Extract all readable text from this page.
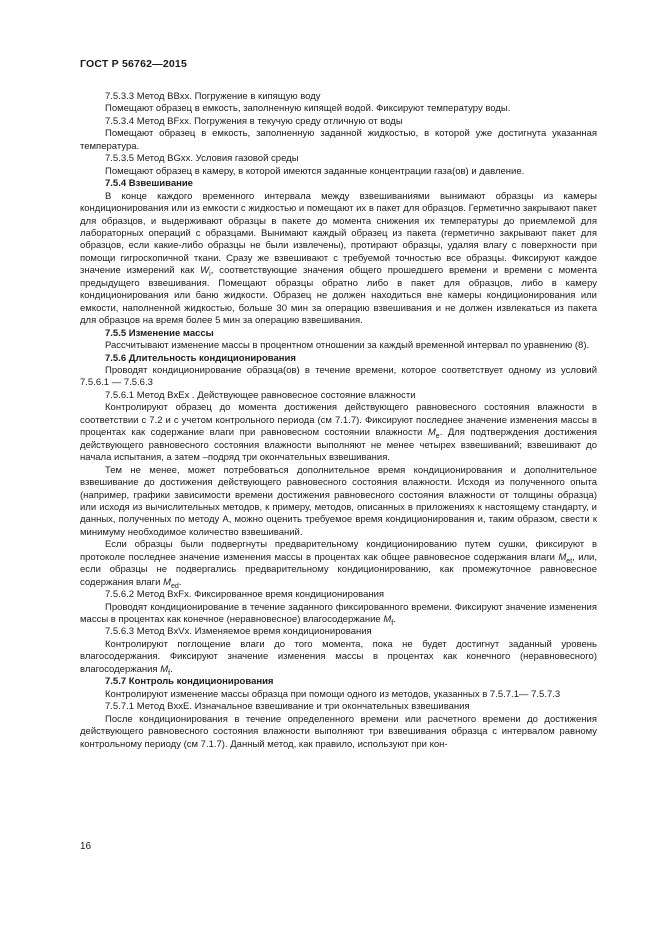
ГОСТ Р 56762—2015

7.5.3.3 Метод BBxx. Погружение в кипящую воду

Помещают образец в емкость, заполненную кипящей водой. Фиксируют температуру воды.

7.5.3.4 Метод BFxx. Погружения в текучую среду отличную от воды

Помещают образец в емкость, заполненную заданной жидкостью, в которой уже достигнута указанная температура.

7.5.3.5 Метод BGxx. Условия газовой среды

Помещают образец в камеру, в которой имеются заданные концентрации газа(ов) и давление.

7.5.4 Взвешивание

В конце каждого временного интервала между взвешиваниями вынимают образцы из камеры кондиционирования или из емкости с жидкостью и помещают их в пакет для образцов. Герметично закрывают пакет для образцов, и выдерживают образцы в пакете до момента снижения их температуры до приемлемой для лабораторных операций с образцами. Вынимают каждый образец из пакета (герметично закрывают пакет для образцов, если какие-либо образцы не были извлечены), протирают образцы, удаляя влагу с поверхности при помощи гигроскопичной ткани. Сразу же взвешивают с требуемой точностью все образцы. Фиксируют каждое значение измерений как $W_i$, соответствующие значения общего прошедшего времени и времени с момента предыдущего взвешивания. Помещают образцы обратно либо в пакет для образцов, либо в камеру кондиционирования или баню жидкости. Образец не должен находиться вне камеры кондиционирования или емкости, наполненной жидкостью, больше 30 мин за операцию взвешивания и не должен извлекаться из пакета для образцов на время более 5 мин за операцию взвешивания.

7.5.5 Изменение массы

Рассчитывают изменение массы в процентном отношении за каждый временной интервал по уравнению (8).

7.5.6 Длительность кондиционирования

Проводят кондиционирование образца(ов) в течение времени, которое соответствует одному из условий 7.5.6.1 — 7.5.6.3

7.5.6.1 Метод BxEx . Действующее равновесное состояние влажности

Контролируют образец до момента достижения действующего равновесного состояния влажности в соответствии с 7.2 и с учетом контрольного периода (см 7.1.7). Фиксируют последнее значение изменения массы в процентах как содержание влаги при равновесном состоянии влажности $M_e$. Для подтверждения достижения действующего равновесного состояния влажности выполняют не менее четырех взвешиваний; взвешивают до начала испытания, а затем –подряд три окончательных взвешивания.

Тем не менее, может потребоваться дополнительное время кондиционирования и дополнительное взвешивание до достижения действующего равновесного состояния влажности. Исходя из полученного опыта (например, графики зависимости времени достижения равновесного состояния влажности от толщины образца) или исходя из вычислительных методов, к примеру, методов, описанных в приложениях к настоящему стандарту, и данных, полученных по методу А, можно оценить требуемое время кондиционирования и, таким образом, свести к минимуму необходимое количество взвешиваний.

Если образцы были подвергнуты предварительному кондиционированию путем сушки, фиксируют в протоколе последнее значение изменения массы в процентах как общее равновесное содержания влаги $M_{et}$, или, если образцы не подвергались предварительному кондиционированию, как промежуточное равновесное содержания влаги $M_{ed}$.

7.5.6.2 Метод BxFx. Фиксированное время кондиционирования

Проводят кондиционирование в течение заданного фиксированного времени. Фиксируют значение изменения массы в процентах как конечное (неравновесное) влагосодержание $M_f$.

7.5.6.3 Метод BxVx. Изменяемое время кондиционирования

Контролируют поглощение влаги до того момента, пока не будет достигнут заданный уровень влагосодержания. Фиксируют значение изменения массы в процентах как конечного (неравновесного) влагосодержания $M_f$.

7.5.7 Контроль кондиционирования

Контролируют изменение массы образца при помощи одного из методов, указанных в 7.5.7.1— 7.5.7.3

7.5.7.1 Метод BxxE. Изначальное взвешивание и три окончательных взвешивания

После кондиционирования в течение определенного времени или расчетного времени до достижения действующего равновесного состояния влажности выполняют три взвешивания образца с интервалом равному контрольному периоду (см 7.1.7). Данный метод, как правило, используют при кон-

16
